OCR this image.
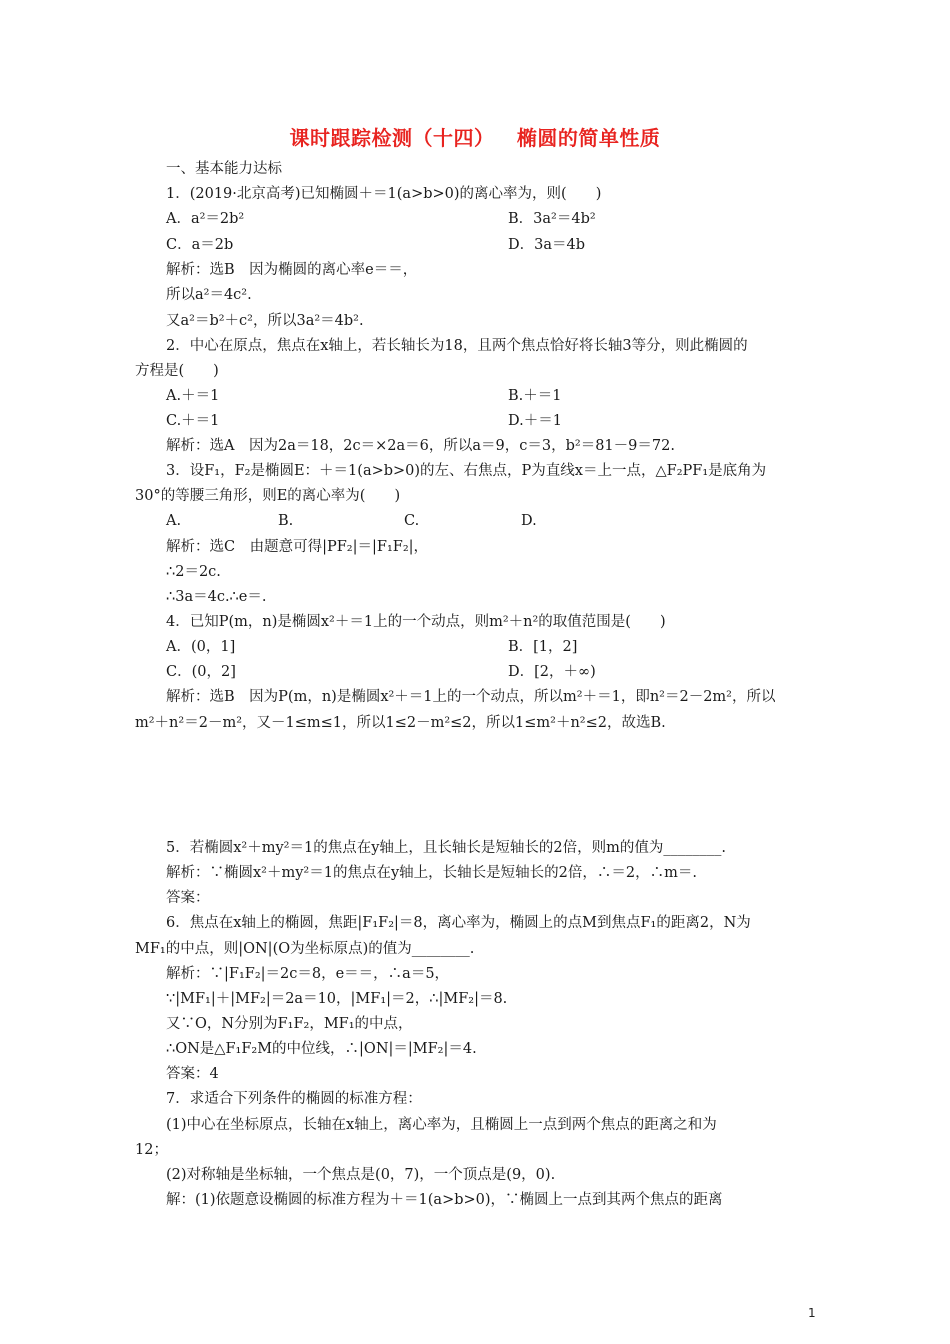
课时跟踪检测（十四）   椭圆的简单性质
一、基本能力达标
1．(2019·北京高考)已知椭圆＋＝1(a>b>0)的离心率为，则(　　)
A．a²＝2b²	B．3a²＝4b²
C．a＝2b	D．3a＝4b
解析：选B　因为椭圆的离心率e＝＝，
所以a²＝4c².
又a²＝b²＋c²，所以3a²＝4b².
2．中心在原点，焦点在x轴上，若长轴长为18，且两个焦点恰好将长轴3等分，则此椭圆的
方程是(　　)
A.＋＝1	B.＋＝1
C.＋＝1	D.＋＝1
解析：选A　因为2a＝18，2c＝×2a＝6，所以a＝9，c＝3，b²＝81－9＝72.
3．设F₁，F₂是椭圆E：＋＝1(a>b>0)的左、右焦点，P为直线x＝上一点，△F₂PF₁是底角为
30°的等腰三角形，则E的离心率为(　　)
A.	B.	C.	D.
解析：选C　由题意可得|PF₂|＝|F₁F₂|，
∴2＝2c.
∴3a＝4c.∴e＝.
4．已知P(m，n)是椭圆x²＋＝1上的一个动点，则m²＋n²的取值范围是(　　)
A．(0，1]	B．[1，2]
C．(0，2]	D．[2，＋∞)
解析：选B　因为P(m，n)是椭圆x²＋＝1上的一个动点，所以m²＋＝1，即n²＝2－2m²，所以
m²＋n²＝2－m²，又－1≤m≤1，所以1≤2－m²≤2，所以1≤m²＋n²≤2，故选B.
5．若椭圆x²＋my²＝1的焦点在y轴上，且长轴长是短轴长的2倍，则m的值为________.
解析：∵椭圆x²＋my²＝1的焦点在y轴上，长轴长是短轴长的2倍，∴＝2，∴m＝.
答案：
6．焦点在x轴上的椭圆，焦距|F₁F₂|＝8，离心率为，椭圆上的点M到焦点F₁的距离2，N为
MF₁的中点，则|ON|(O为坐标原点)的值为________.
解析：∵|F₁F₂|＝2c＝8，e＝＝，∴a＝5，
∵|MF₁|＋|MF₂|＝2a＝10，|MF₁|＝2，∴|MF₂|＝8.
又∵O，N分别为F₁F₂，MF₁的中点，
∴ON是△F₁F₂M的中位线，∴|ON|＝|MF₂|＝4.
答案：4
7．求适合下列条件的椭圆的标准方程：
(1)中心在坐标原点，长轴在x轴上，离心率为，且椭圆上一点到两个焦点的距离之和为
12；
(2)对称轴是坐标轴，一个焦点是(0，7)，一个顶点是(9，0).
解：(1)依题意设椭圆的标准方程为＋＝1(a>b>0)，∵椭圆上一点到其两个焦点的距离
1
